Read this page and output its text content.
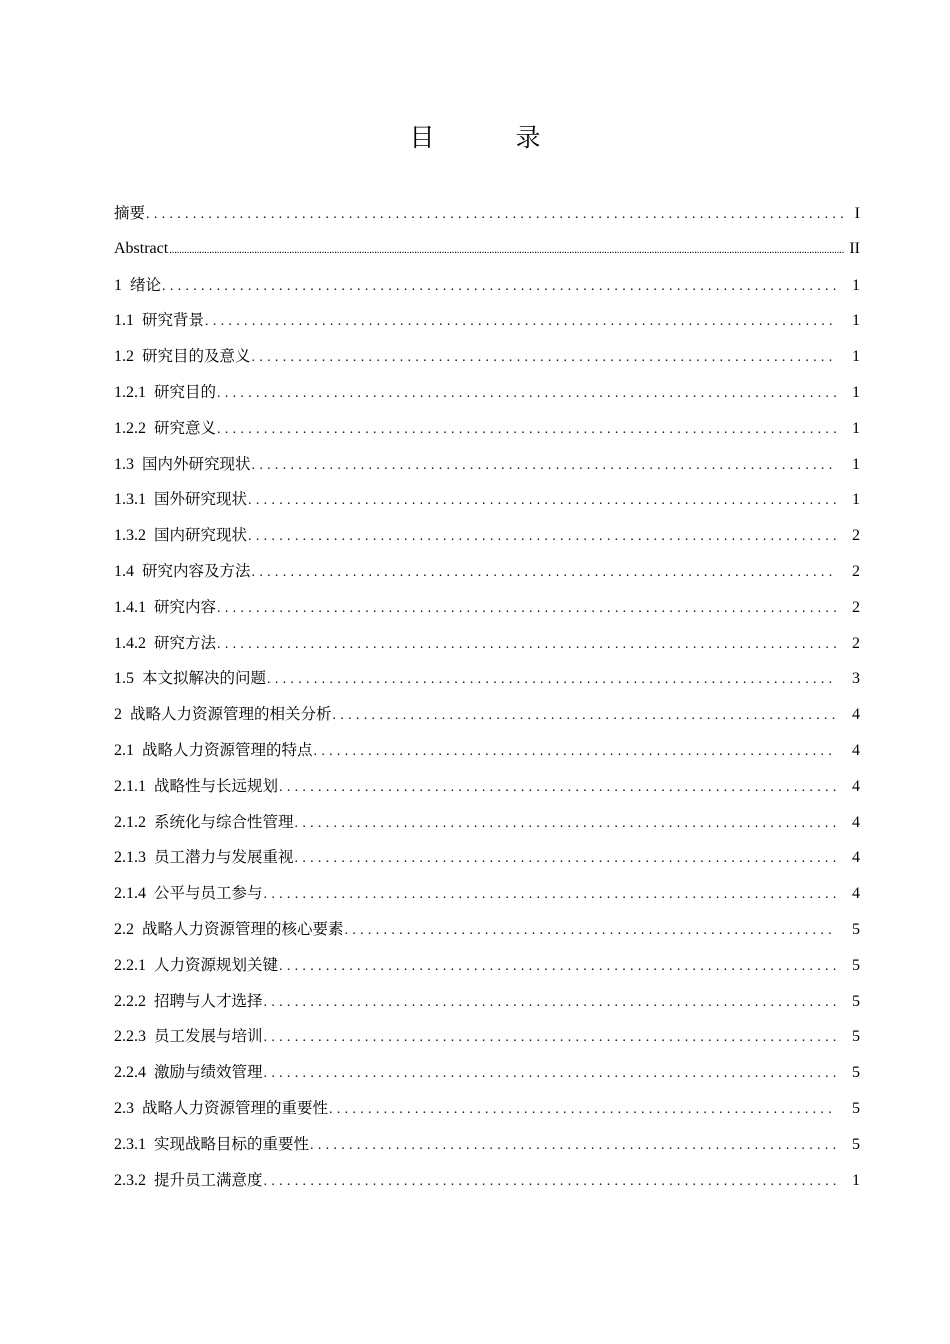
目　录
摘要 .....	I
Abstract .....	II
1 绪论 .....	1
1.1 研究背景 .....	1
1.2 研究目的及意义 .....	1
1.2.1 研究目的 .....	1
1.2.2 研究意义 .....	1
1.3 国内外研究现状 .....	1
1.3.1 国外研究现状 .....	1
1.3.2 国内研究现状 .....	2
1.4 研究内容及方法 .....	2
1.4.1 研究内容 .....	2
1.4.2 研究方法 .....	2
1.5 本文拟解决的问题 .....	3
2 战略人力资源管理的相关分析 .....	4
2.1 战略人力资源管理的特点 .....	4
2.1.1 战略性与长远规划 .....	4
2.1.2 系统化与综合性管理 .....	4
2.1.3 员工潜力与发展重视 .....	4
2.1.4 公平与员工参与 .....	4
2.2 战略人力资源管理的核心要素 .....	5
2.2.1 人力资源规划关键 .....	5
2.2.2 招聘与人才选择 .....	5
2.2.3 员工发展与培训 .....	5
2.2.4 激励与绩效管理 .....	5
2.3 战略人力资源管理的重要性 .....	5
2.3.1 实现战略目标的重要性 .....	5
2.3.2 提升员工满意度 .....	1
